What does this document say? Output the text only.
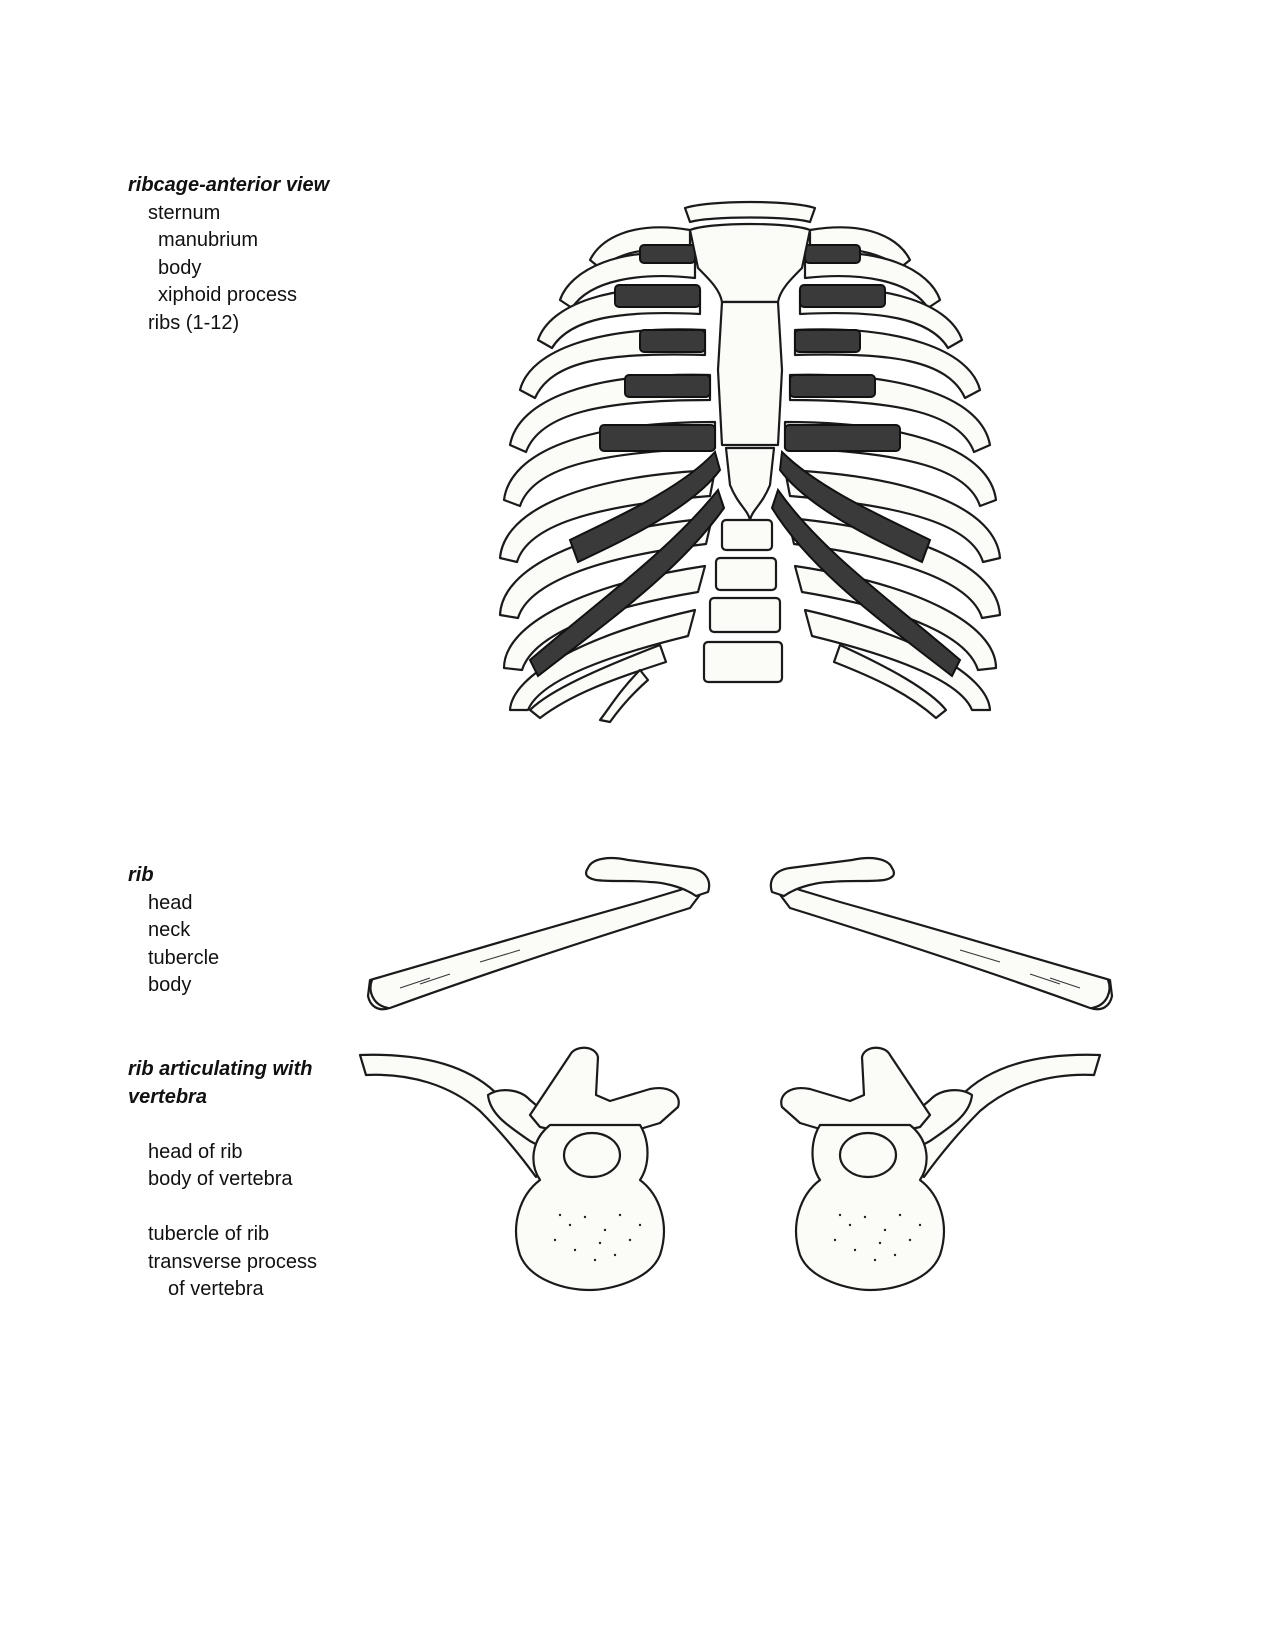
ribcage-anterior view
sternum
manubrium
body
xiphoid process
ribs (1-12)
rib
head
neck
tubercle
body
rib articulating with
vertebra
head of rib
body of vertebra
tubercle of rib
transverse process
of vertebra
